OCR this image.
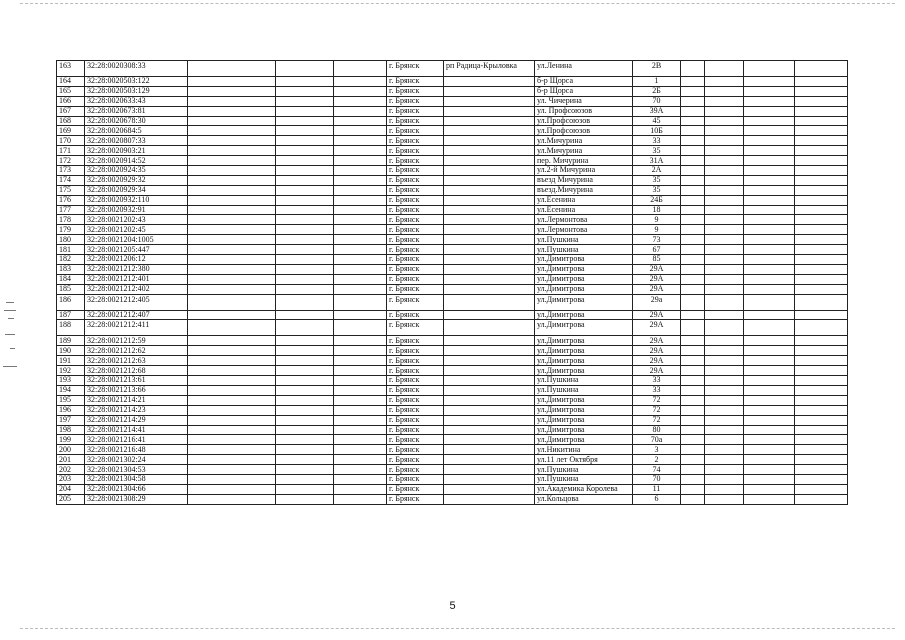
163	32:28:0020308:33				г. Брянск	рп Радица-Крыловка	ул.Ленина	2В				
164	32:28:0020503:122				г. Брянск		б-р Щорса	1				
165	32:28:0020503:129				г. Брянск		б-р Щорса	2Б				
166	32:28:0020633:43				г. Брянск		ул. Чичерина	70				
167	32:28:0020673:81				г. Брянск		ул. Профсоюзов	39А				
168	32:28:0020678:30				г. Брянск		ул.Профсоюзов	45				
169	32:28:0020684:5				г. Брянск		ул.Профсоюзов	10Б				
170	32:28:0020807:33				г. Брянск		ул.Мичурина	33				
171	32:28:0020903:21				г. Брянск		ул.Мичурина	35				
172	32:28:0020914:52				г. Брянск		пер. Мичурина	31А				
173	32:28:0020924:35				г. Брянск		ул.2-й Мичурина	2А				
174	32:28:0020929:32				г. Брянск		въезд Мичурина	35				
175	32:28:0020929:34				г. Брянск		въезд.Мичурина	35				
176	32:28:0020932:110				г. Брянск		ул.Есенина	24Б				
177	32:28:0020932:91				г. Брянск		ул.Есенина	18				
178	32:28:0021202:43				г. Брянск		ул.Лермонтова	9				
179	32:28:0021202:45				г. Брянск		ул.Лермонтова	9				
180	32:28:0021204:1005				г. Брянск		ул.Пушкина	73				
181	32:28:0021205:447				г. Брянск		ул.Пушкина	67				
182	32:28:0021206:12				г. Брянск		ул.Димитрова	85				
183	32:28:0021212:380				г. Брянск		ул.Димитрова	29А				
184	32:28:0021212:401				г. Брянск		ул.Димитрова	29А				
185	32:28:0021212:402				г. Брянск		ул.Димитрова	29А				
186	32:28:0021212:405				г. Брянск		ул.Димитрова	29а				
187	32:28:0021212:407				г. Брянск		ул.Димитрова	29А				
188	32:28:0021212:411				г. Брянск		ул.Димитрова	29А				
189	32:28:0021212:59				г. Брянск		ул.Димитрова	29А				
190	32:28:0021212:62				г. Брянск		ул.Димитрова	29А				
191	32:28:0021212:63				г. Брянск		ул.Димитрова	29А				
192	32:28:0021212:68				г. Брянск		ул.Димитрова	29А				
193	32:28:0021213:61				г. Брянск		ул.Пушкина	33				
194	32:28:0021213:66				г. Брянск		ул.Пушкина	33				
195	32:28:0021214:21				г. Брянск		ул.Димитрова	72				
196	32:28:0021214:23				г. Брянск		ул.Димитрова	72				
197	32:28:0021214:29				г. Брянск		ул.Димитрова	72				
198	32:28:0021214:41				г. Брянск		ул.Димитрова	80				
199	32:28:0021216:41				г. Брянск		ул.Димитрова	70а				
200	32:28:0021216:48				г. Брянск		ул.Никитина	3				
201	32:28:0021302:24				г. Брянск		ул.11 лет Октября	2				
202	32:28:0021304:53				г. Брянск		ул.Пушкина	74				
203	32:28:0021304:58				г. Брянск		ул.Пушкина	70				
204	32:28:0021304:66				г. Брянск		ул.Академика Королева	11				
205	32:28:0021308:29				г. Брянск		ул.Кольцова	6				
5
